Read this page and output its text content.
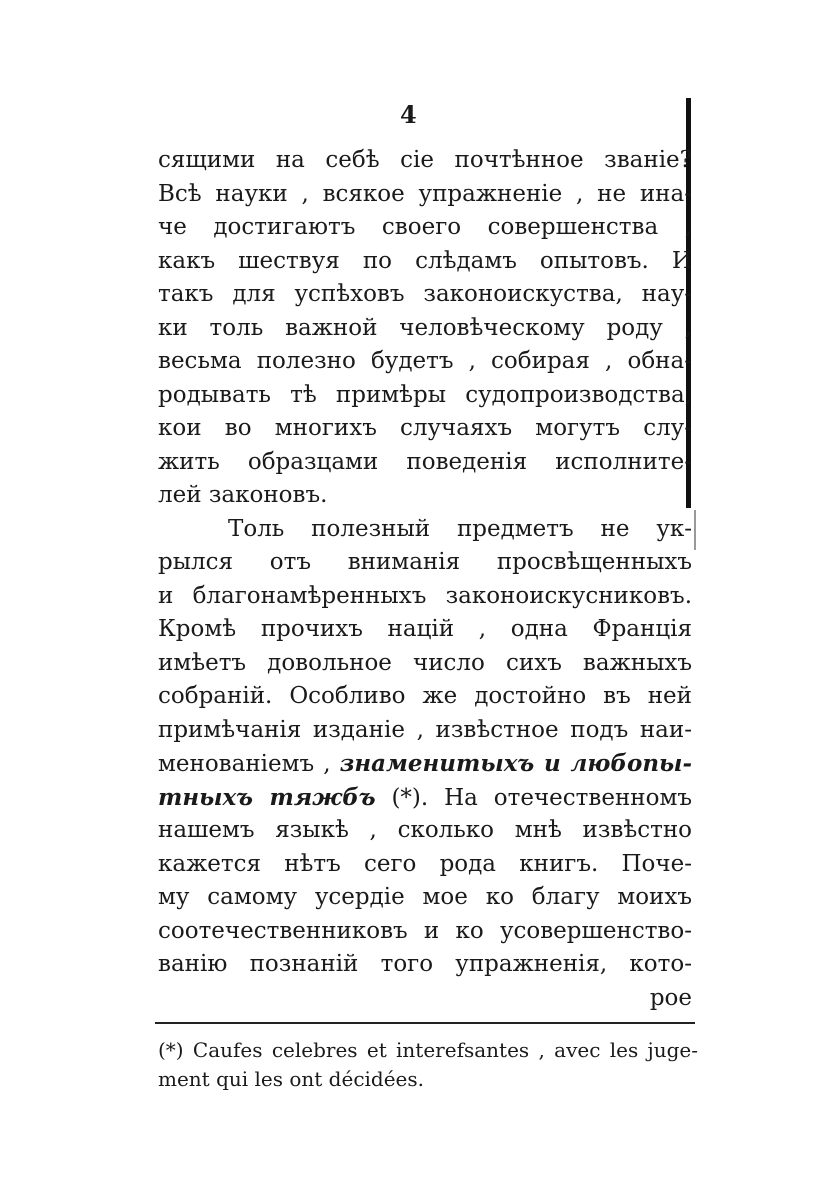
4
сящими на себѣ сіе почтѣнное званіе?
Всѣ науки , всякое упражненіе , не ина-
че достигаютъ своего совершенства ,
какъ шествуя по слѣдамъ опытовъ. И
такъ для успѣховъ законоискуства, нау-
ки толь важной человѣческому роду ,
весьма полезно будетъ , собирая , обна-
родывать тѣ примѣры судопроизводства,
кои во многихъ случаяхъ могутъ слу-
жить образцами поведенія исполните-
лей законовъ.
Толь полезный предметъ не ук-
рылся отъ вниманія просвѣщенныхъ
и благонамѣренныхъ законоискусниковъ.
Кромѣ прочихъ націй , одна Франція
имѣетъ довольное число сихъ важныхъ
собраній. Особливо же достойно въ ней
примѣчанія изданіе , извѣстное подъ наи-
менованіемъ , знаменитыхъ и любопы-
тныхъ тяжбъ (*). На отечественномъ
нашемъ языкѣ , сколько мнѣ извѣстно
кажется нѣтъ сего рода книгъ. Поче-
му самому усердіе мое ко благу моихъ
соотечественниковъ и ко усовершенство-
ванію познаній того упражненія, кото-
рое
(*) Caufes celebres et interefsantes , avec les juge-
ment qui les ont décidées.
